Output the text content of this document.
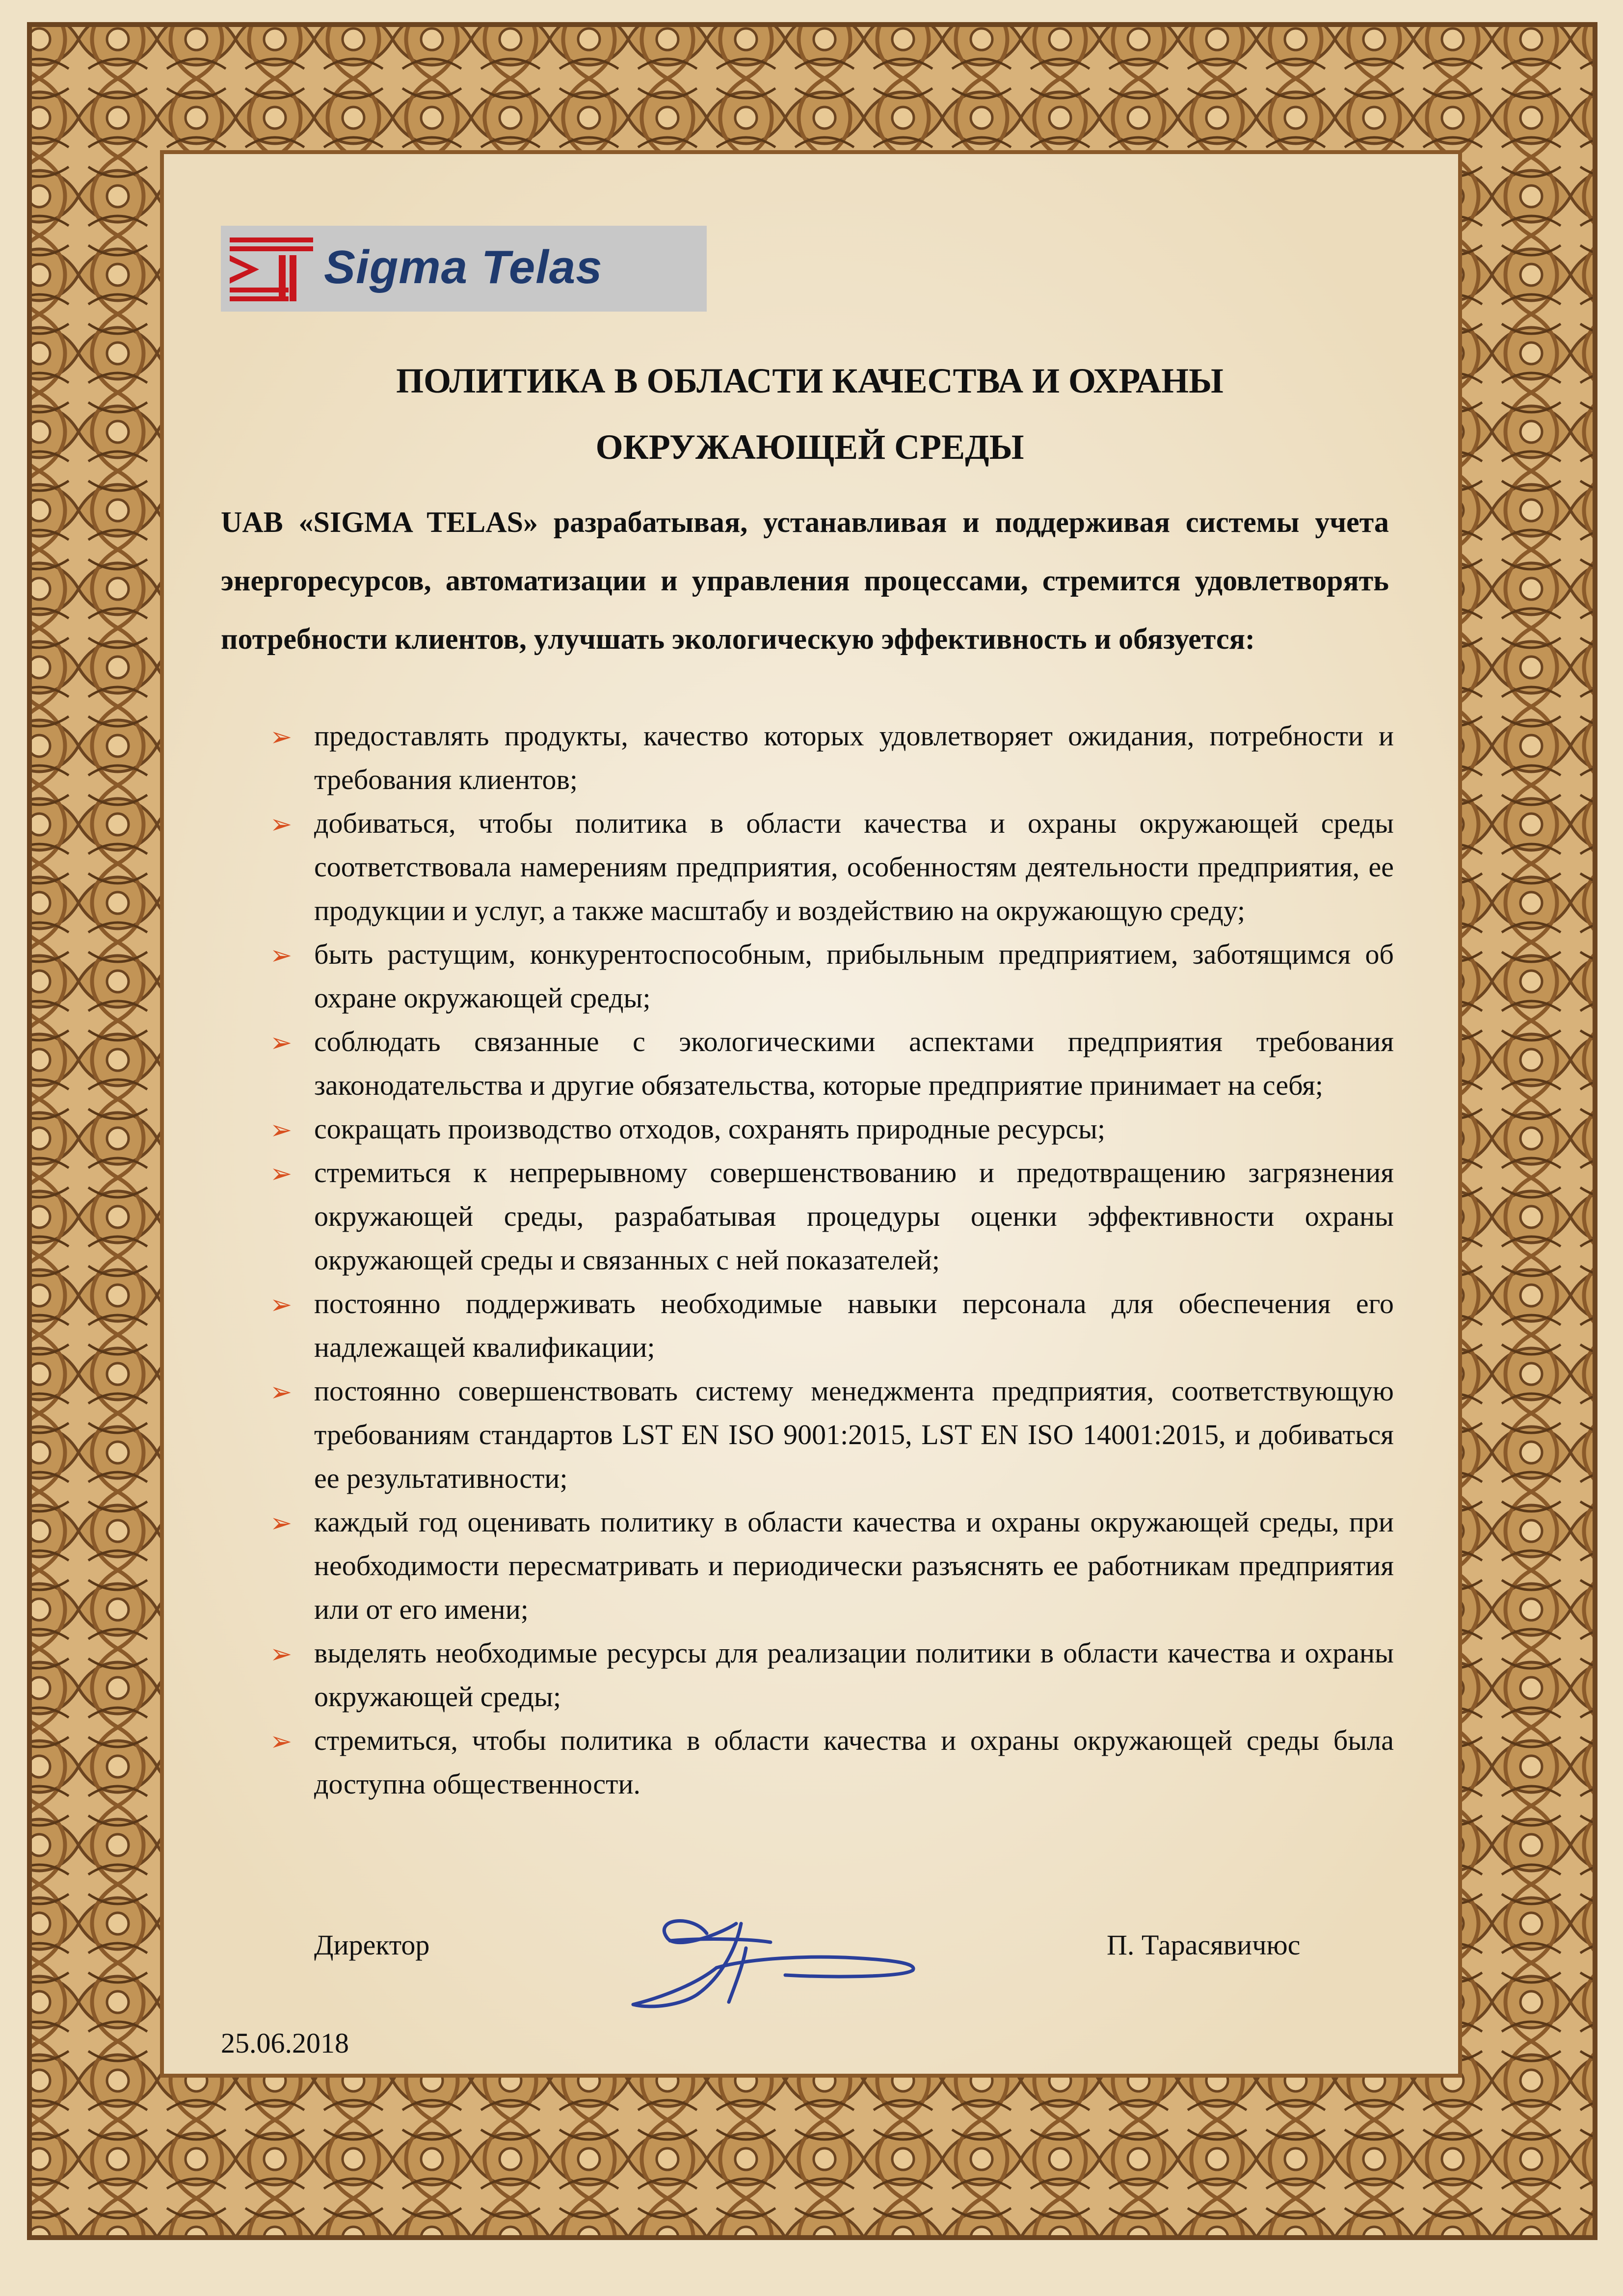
Sigma Telas
ПОЛИТИКА В ОБЛАСТИ КАЧЕСТВА И ОХРАНЫ
ОКРУЖАЮЩЕЙ СРЕДЫ

UAB «SIGMA TELAS» разрабатывая, устанавливая и поддерживая системы учета энергоресурсов, автоматизации и управления процессами, стремится удовлетворять потребности клиентов, улучшать экологическую эффективность и обязуется:

➢ предоставлять продукты, качество которых удовлетворяет ожидания, потребности и требования клиентов;
➢ добиваться, чтобы политика в области качества и охраны окружающей среды соответствовала намерениям предприятия, особенностям деятельности предприятия, ее продукции и услуг, а также масштабу и воздействию на окружающую среду;
➢ быть растущим, конкурентоспособным, прибыльным предприятием, заботящимся об охране окружающей среды;
➢ соблюдать связанные с экологическими аспектами предприятия требования законодательства и другие обязательства, которые предприятие принимает на себя;
➢ сокращать производство отходов, сохранять природные ресурсы;
➢ стремиться к непрерывному совершенствованию и предотвращению загрязнения окружающей среды, разрабатывая процедуры оценки эффективности охраны окружающей среды и связанных с ней показателей;
➢ постоянно поддерживать необходимые навыки персонала для обеспечения его надлежащей квалификации;
➢ постоянно совершенствовать систему менеджмента предприятия, соответствующую требованиям стандартов LST EN ISO 9001:2015, LST EN ISO 14001:2015, и добиваться ее результативности;
➢ каждый год оценивать политику в области качества и охраны окружающей среды, при необходимости пересматривать и периодически разъяснять ее работникам предприятия или от его имени;
➢ выделять необходимые ресурсы для реализации политики в области качества и охраны окружающей среды;
➢ стремиться, чтобы политика в области качества и охраны окружающей среды была доступна общественности.
Директор	П. Тарасявичюс
25.06.2018
